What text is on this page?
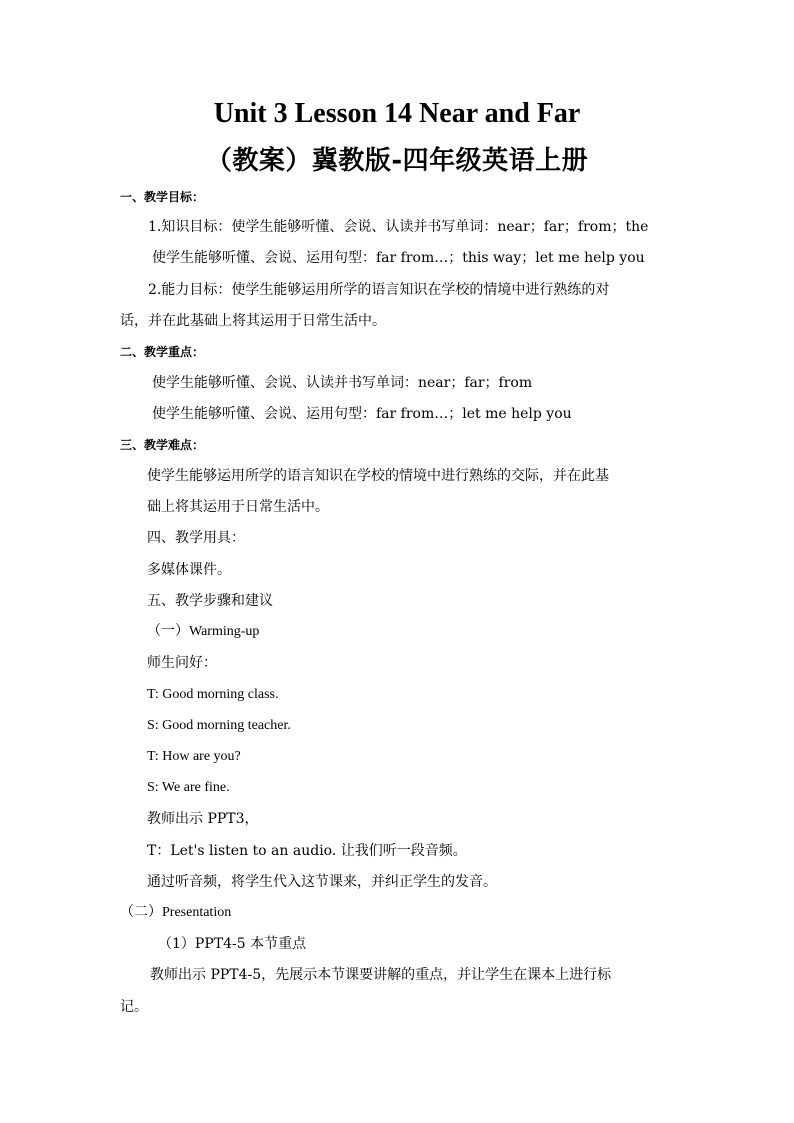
Unit 3 Lesson 14 Near and Far
（教案）冀教版-四年级英语上册
一、教学目标：
1.知识目标：使学生能够听懂、会说、认读并书写单词：near；far；from；the
使学生能够听懂、会说、运用句型：far from…；this way；let me help you
2.能力目标：使学生能够运用所学的语言知识在学校的情境中进行熟练的对
话，并在此基础上将其运用于日常生活中。
二、教学重点：
使学生能够听懂、会说、认读并书写单词：near；far；from
使学生能够听懂、会说、运用句型：far from…；let me help you
三、教学难点：
使学生能够运用所学的语言知识在学校的情境中进行熟练的交际，并在此基
础上将其运用于日常生活中。
四、教学用具：
多媒体课件。
五、教学步骤和建议
（一）Warming-up
师生问好：
T: Good morning class.
S: Good morning teacher.
T: How are you?
S: We are fine.
教师出示 PPT3，
T：Let's listen to an audio. 让我们听一段音频。
通过听音频，将学生代入这节课来，并纠正学生的发音。
（二）Presentation
（1）PPT4-5 本节重点
教师出示 PPT4-5，先展示本节课要讲解的重点，并让学生在课本上进行标
记。
